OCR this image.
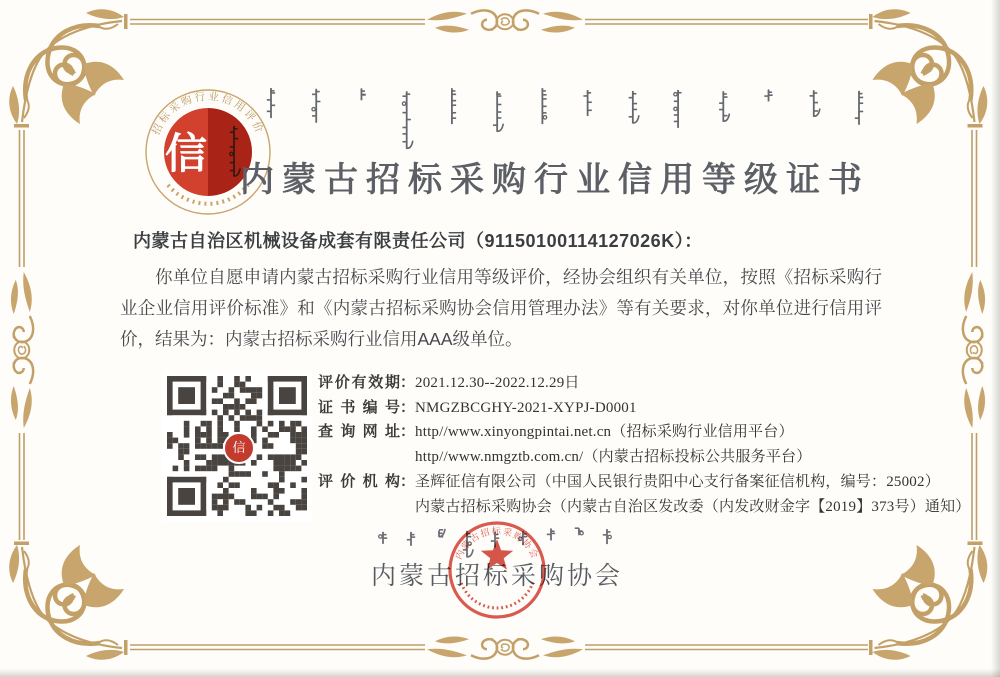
招标采购行业信用评价
信
内蒙古招标采购行业信用等级证书
内蒙古自治区机械设备成套有限责任公司（91150100114127026K）：
你单位自愿申请内蒙古招标采购行业信用等级评价，经协会组织有关单位，按照《招标采购行业企业信用评价标准》和《内蒙古招标采购协会信用管理办法》等有关要求，对你单位进行信用评价，结果为：内蒙古招标采购行业信用AAA级单位。
信
评价有效期：2021.12.30--2022.12.29日
证书编号：NMGZBCGHY-2021-XYPJ-D0001
查询网址：http//www.xinyongpintai.net.cn（招标采购行业信用平台）
http//www.nmgztb.com.cn/（内蒙古招标投标公共服务平台）
评价机构：圣辉征信有限公司（中国人民银行贵阳中心支行备案征信机构，编号：25002）
内蒙古招标采购协会（内蒙古自治区发改委（内发改财金字【2019】373号）通知）
内蒙古招标采购协会
内蒙古招标采购协会
